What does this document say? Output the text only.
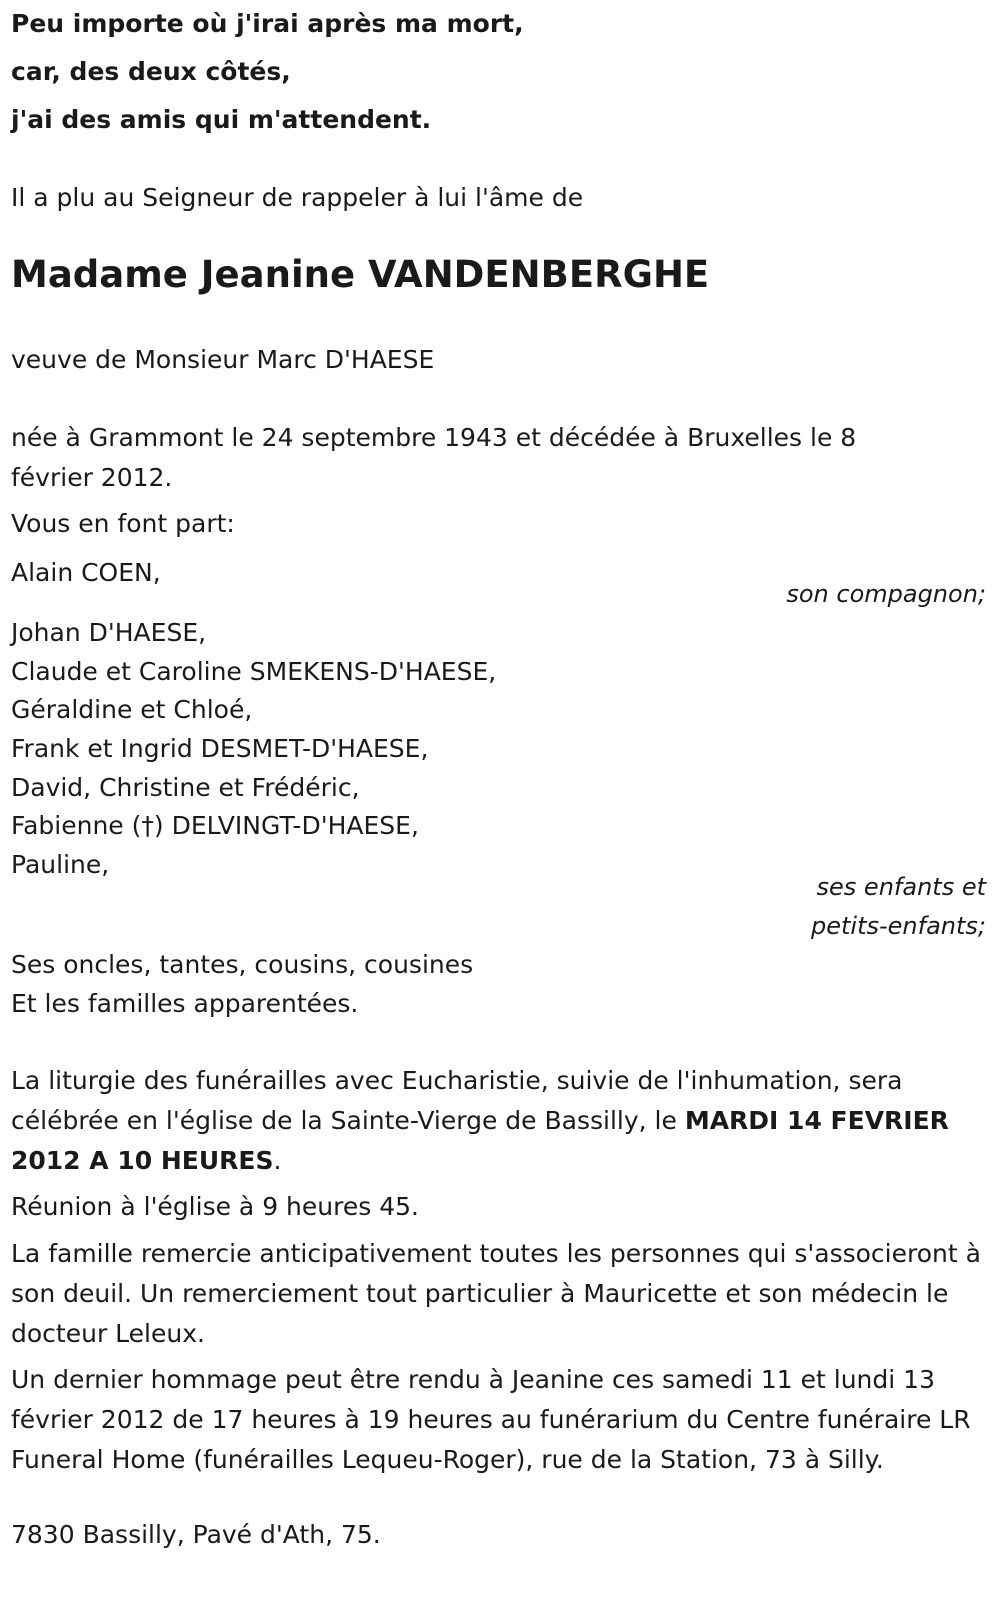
Peu importe où j'irai après ma mort,
car, des deux côtés,
j'ai des amis qui m'attendent.
Il a plu au Seigneur de rappeler à lui l'âme de
Madame Jeanine VANDENBERGHE
veuve de Monsieur Marc D'HAESE
née à Grammont le 24 septembre 1943 et décédée à Bruxelles le 8 février 2012.
Vous en font part:
Alain COEN,
son compagnon;
Johan D'HAESE,
Claude et Caroline SMEKENS-D'HAESE,
Géraldine et Chloé,
Frank et Ingrid DESMET-D'HAESE,
David, Christine et Frédéric,
Fabienne (†) DELVINGT-D'HAESE,
Pauline,
ses enfants et
petits-enfants;
Ses oncles, tantes, cousins, cousines
Et les familles apparentées.
La liturgie des funérailles avec Eucharistie, suivie de l'inhumation, sera célébrée en l'église de la Sainte-Vierge de Bassilly, le MARDI 14 FEVRIER 2012 A 10 HEURES.
Réunion à l'église à 9 heures 45.
La famille remercie anticipativement toutes les personnes qui s'associeront à son deuil. Un remerciement tout particulier à Mauricette et son médecin le docteur Leleux.
Un dernier hommage peut être rendu à Jeanine ces samedi 11 et lundi 13 février 2012 de 17 heures à 19 heures au funérarium du Centre funéraire LR Funeral Home (funérailles Lequeu-Roger), rue de la Station, 73 à Silly.
7830 Bassilly, Pavé d'Ath, 75.
